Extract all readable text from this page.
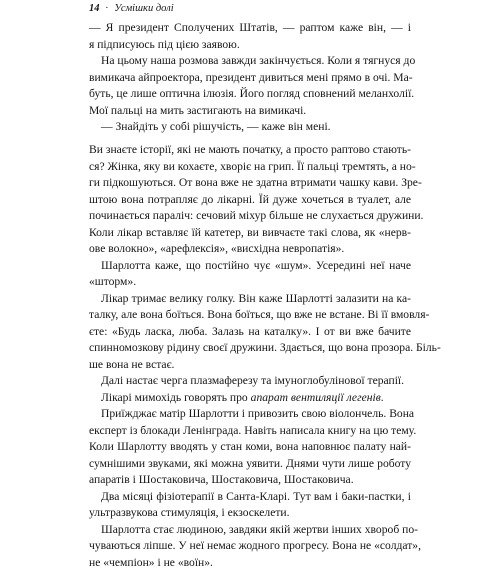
14 · Усмішки долі
— Я президент Сполучених Штатів, — раптом каже він, — і
я підписуюсь під цією заявою.
На цьому наша розмова завжди закінчується. Коли я тягнуся до
вимикача айпроектора, президент дивиться мені прямо в очі. Ма-
буть, це лише оптична ілюзія. Його погляд сповнений меланхолії.
Мої пальці на мить застигають на вимикачі.
— Знайдіть у собі рішучість, — каже він мені.
Ви знаєте історії, які не мають початку, а просто раптово стають-
ся? Жінка, яку ви кохаєте, хворіє на грип. Її пальці тремтять, а но-
ги підкошуються. От вона вже не здатна втримати чашку кави. Зре-
штою вона потрапляє до лікарні. Їй дуже хочеться в туалет, але
починається параліч: сечовий міхур більше не слухається дружини.
Коли лікар вставляє їй катетер, ви вивчаєте такі слова, як «нерв-
ове волокно», «арефлексія», «висхідна невропатія».
Шарлотта каже, що постійно чує «шум». Усередині неї наче
«шторм».
Лікар тримає велику голку. Він каже Шарлотті залазити на ка-
талку, але вона боїться. Вона боїться, що вже не встане. Ві її вмовля-
єте: «Будь ласка, люба. Залазь на каталку». І от ви вже бачите
спинномозкову рідину своєї дружини. Здається, що вона прозора. Біль-
ше вона не встає.
Далі настає черга плазмаферезу та імуноглобулінової терапії.
Лікарі мимохідь говорять про апарат вентиляції легенів.
Приїжджає матір Шарлотти і привозить свою віолончель. Вона
експерт із блокади Ленінграда. Навіть написала книгу на цю тему.
Коли Шарлотту вводять у стан коми, вона наповнює палату най-
сумнішими звуками, які можна уявити. Днями чути лише роботу
апаратів і Шостаковича, Шостаковича, Шостаковича.
Два місяці фізіотерапії в Санта-Кларі. Тут вам і баки-пастки, і
ультразвукова стимуляція, і екзоскелети.
Шарлотта стає людиною, завдяки якій жертви інших хвороб по-
чуваються ліпше. У неї немає жодного прогресу. Вона не «солдат»,
не «чемпіон» і не «воїн».
